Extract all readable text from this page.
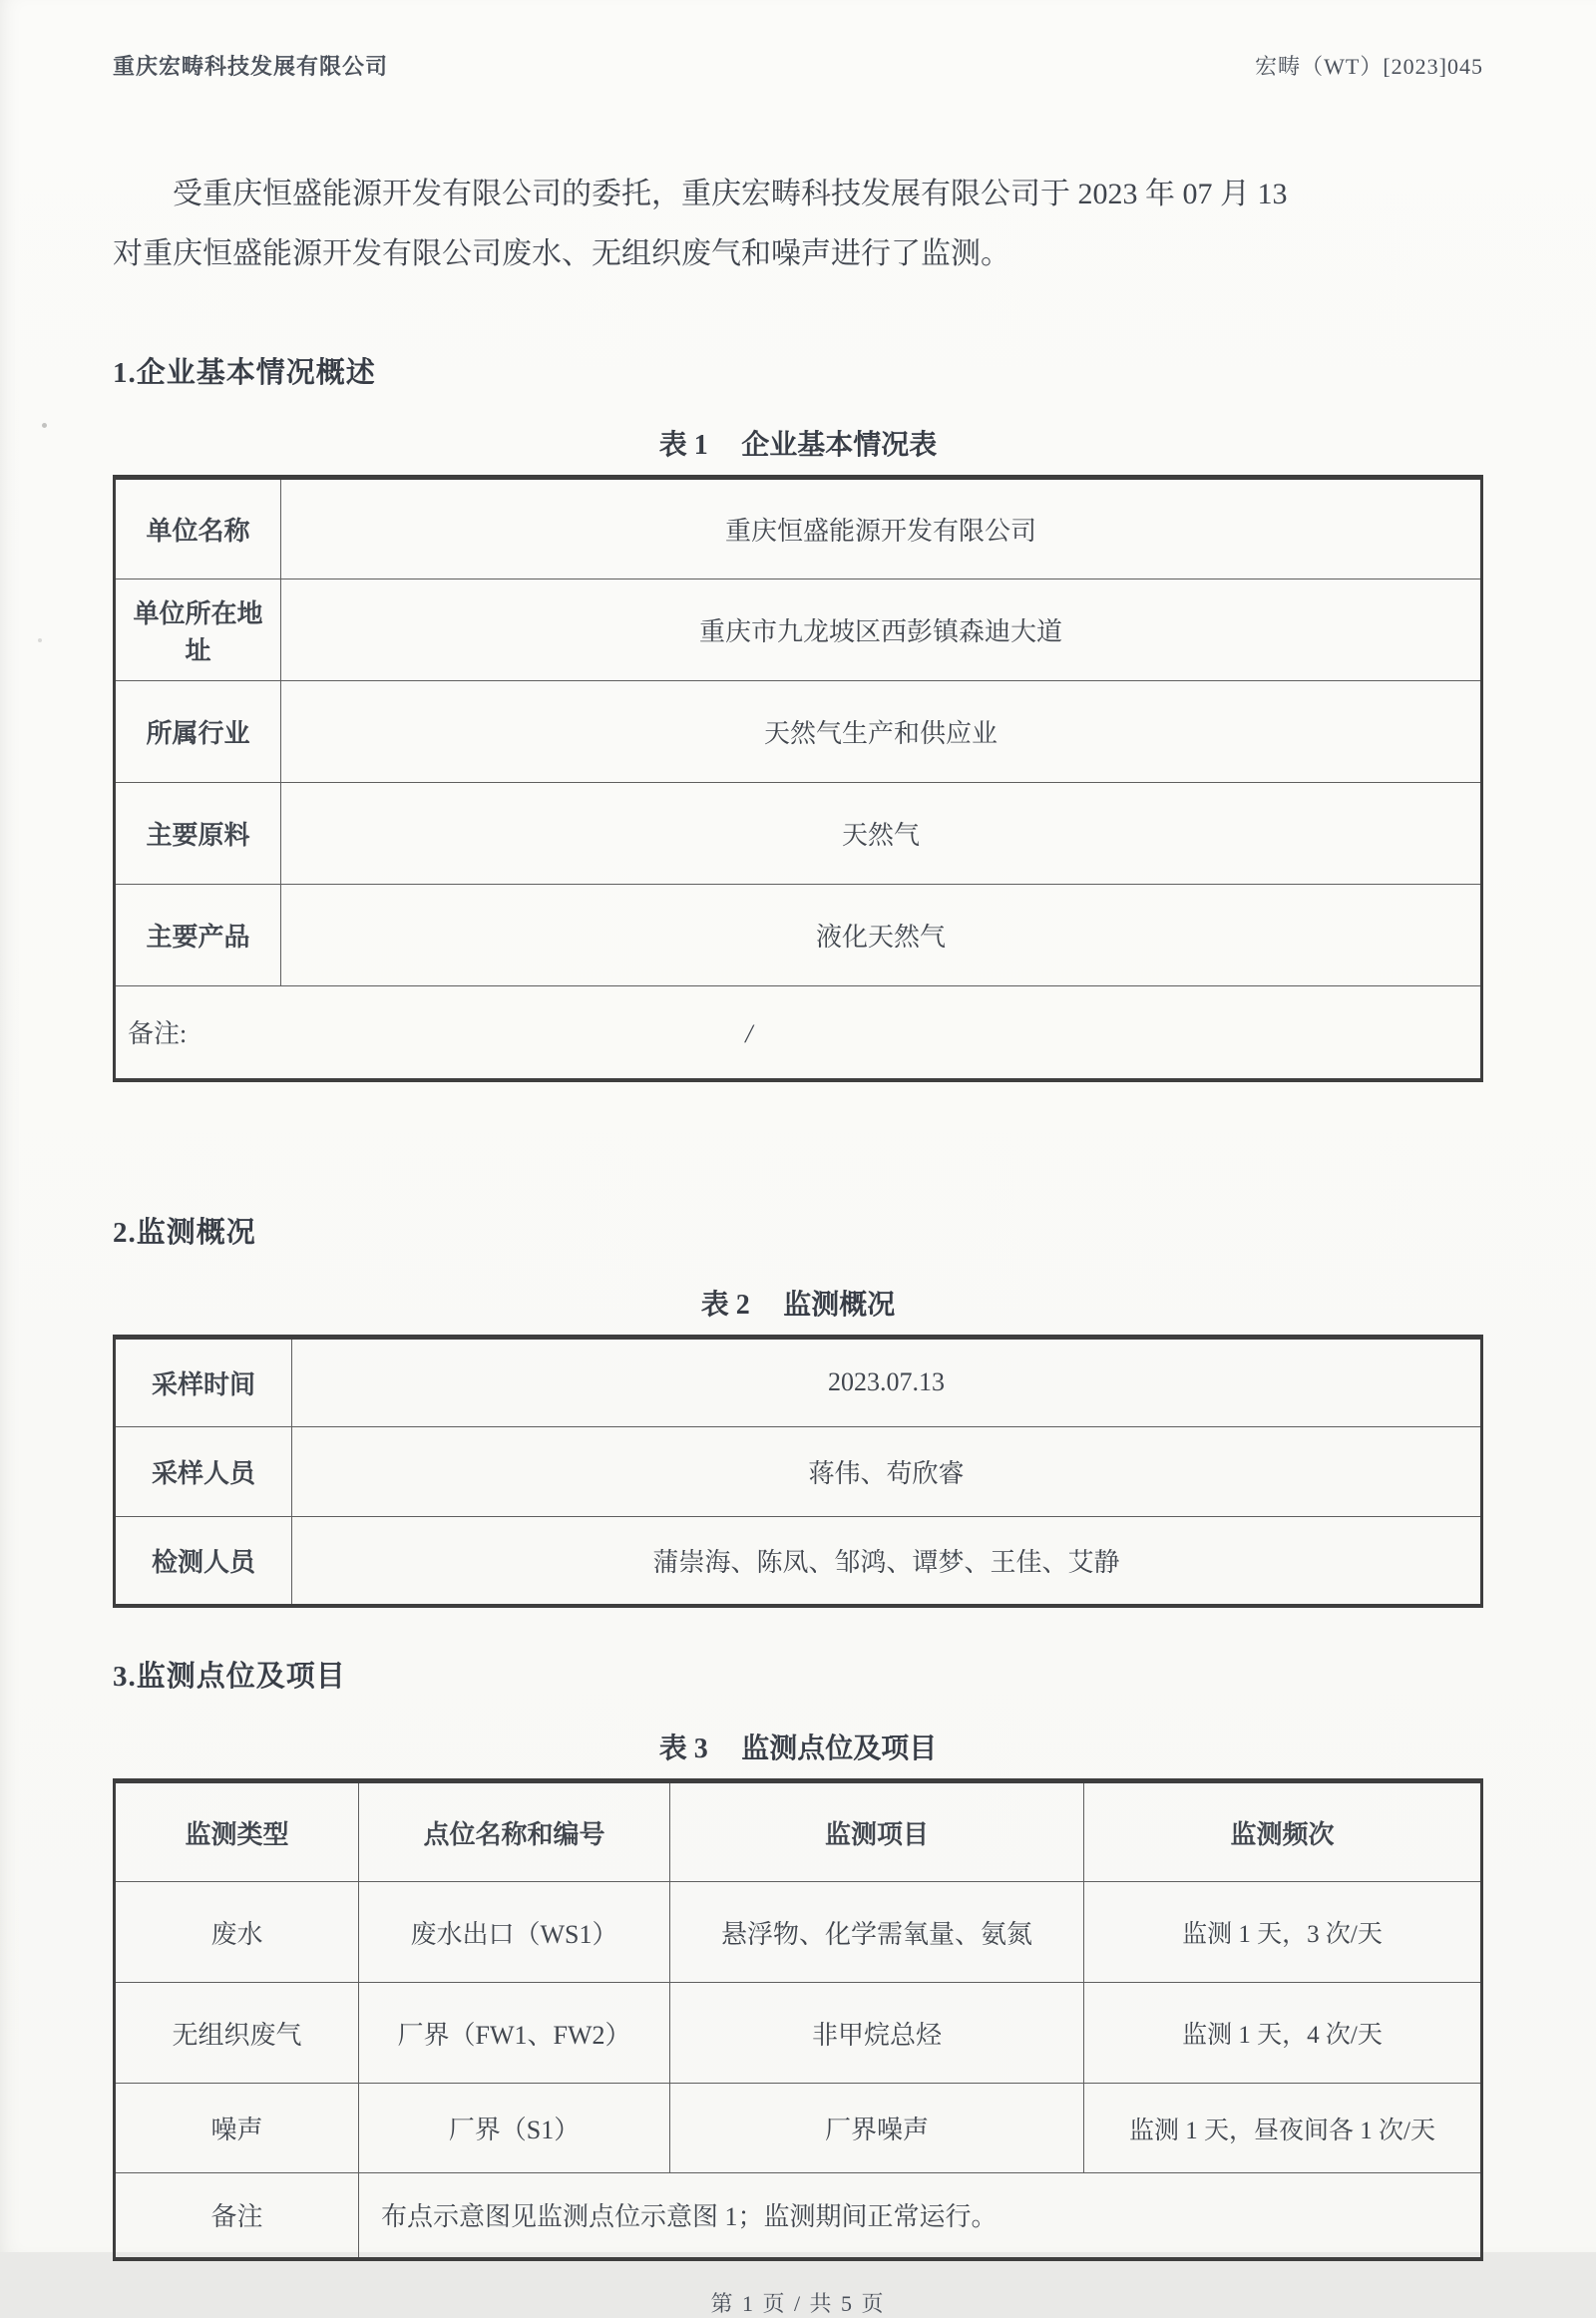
重庆宏畴科技发展有限公司	宏畴（WT）[2023]045
受重庆恒盛能源开发有限公司的委托，重庆宏畴科技发展有限公司于 2023 年 07 月 13
对重庆恒盛能源开发有限公司废水、无组织废气和噪声进行了监测。
1.企业基本情况概述
表 1 企业基本情况表
单位名称	重庆恒盛能源开发有限公司
单位所在地址	重庆市九龙坡区西彭镇森迪大道
所属行业	天然气生产和供应业
主要原料	天然气
主要产品	液化天然气
备注: /	
2.监测概况
表 2 监测概况
采样时间	2023.07.13
采样人员	蒋伟、苟欣睿
检测人员	蒲崇海、陈凤、邹鸿、谭梦、王佳、艾静
3.监测点位及项目
表 3 监测点位及项目
监测类型	点位名称和编号	监测项目	监测频次
废水	废水出口（WS1）	悬浮物、化学需氧量、氨氮	监测 1 天，3 次/天
无组织废气	厂界（FW1、FW2）	非甲烷总烃	监测 1 天，4 次/天
噪声	厂界（S1）	厂界噪声	监测 1 天，昼夜间各 1 次/天
备注	布点示意图见监测点位示意图 1；监测期间正常运行。		
第 1 页 / 共 5 页
